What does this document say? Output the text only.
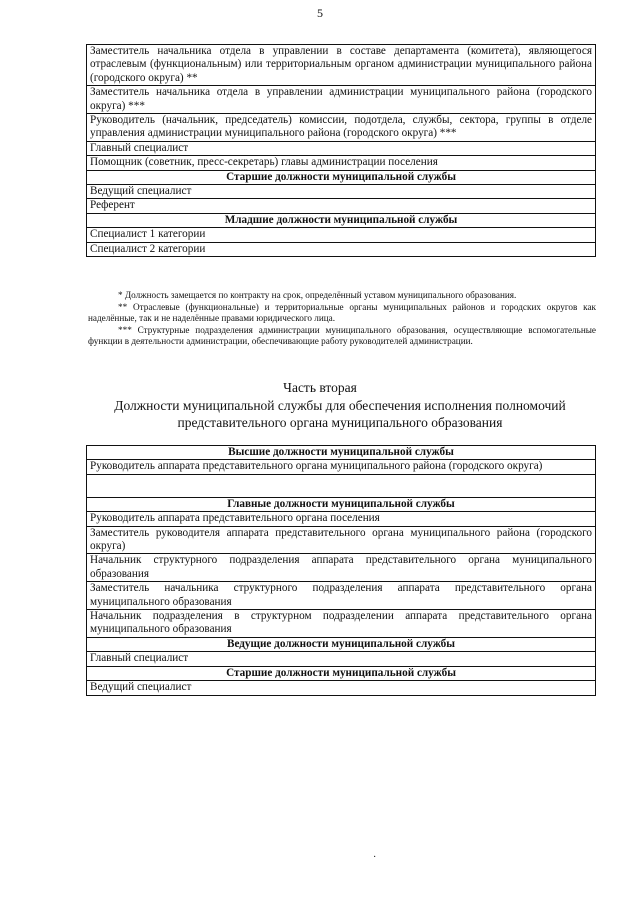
5
Заместитель начальника отдела в управлении в составе департамента (комитета), являющегося отраслевым (функциональным) или территориальным органом администрации муниципального района (городского округа) **
Заместитель начальника отдела в управлении администрации муниципального района (городского округа) ***
Руководитель (начальник, председатель) комиссии, подотдела, службы, сектора, группы в отделе управления администрации муниципального района (городского округа) ***
Главный специалист
Помощник (советник, пресс-секретарь) главы администрации поселения
Старшие должности муниципальной службы
Ведущий специалист
Референт
Младшие должности муниципальной службы
Специалист 1 категории
Специалист 2 категории

* Должность замещается по контракту на срок, определённый уставом муниципального образования.

** Отраслевые (функциональные) и территориальные органы муниципальных районов и городских округов как наделённые, так и не наделённые правами юридического лица.

*** Структурные подразделения администрации муниципального образования, осуществляющие вспомогательные функции в деятельности администрации, обеспечивающие работу руководителей администрации.

Часть вторая
Должности муниципальной службы для обеспечения исполнения полномочий представительного органа муниципального образования
Высшие должности муниципальной службы
Руководитель аппарата представительного органа муниципального района (городского округа)

Главные должности муниципальной службы
Руководитель аппарата представительного органа поселения
Заместитель руководителя аппарата представительного органа муниципального района (городского округа)
Начальник структурного подразделения аппарата представительного органа муниципального образования
Заместитель начальника структурного подразделения аппарата представительного органа муниципального образования
Начальник подразделения в структурном подразделении аппарата представительного органа муниципального образования
Ведущие должности муниципальной службы
Главный специалист
Старшие должности муниципальной службы
Ведущий специалист
·
